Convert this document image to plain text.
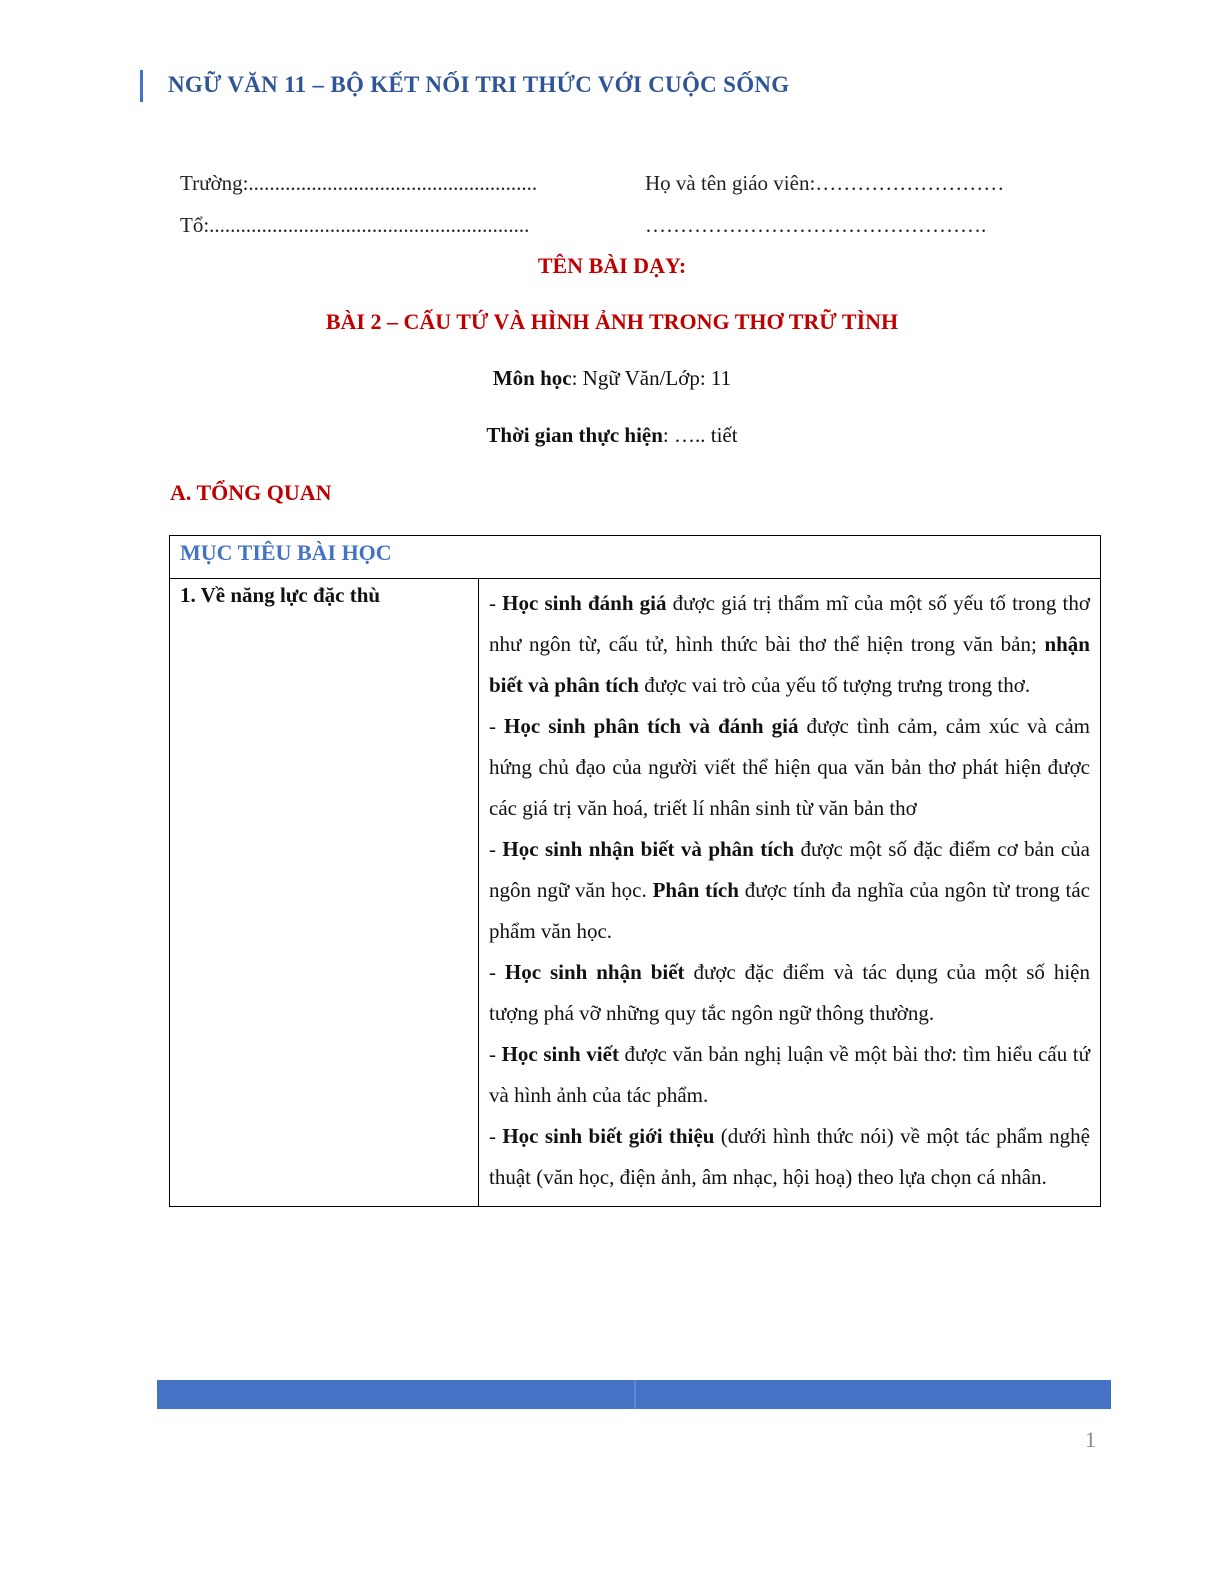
NGỮ VĂN 11 – BỘ KẾT NỐI TRI THỨC VỚI CUỘC SỐNG
Trường:.......................................................	Họ và tên giáo viên:………………………
Tổ:.............................................................	………………………………………….
TÊN BÀI DẠY:
BÀI 2 – CẤU TỨ VÀ HÌNH ẢNH TRONG THƠ TRỮ TÌNH
Môn học: Ngữ Văn/Lớp: 11
Thời gian thực hiện: ….. tiết
A. TỔNG QUAN
MỤC TIÊU BÀI HỌC
1. Về năng lực đặc thù	- Học sinh đánh giá được giá trị thẩm mĩ của một số yếu tố trong thơ như ngôn từ, cấu tử, hình thức bài thơ thể hiện trong văn bản; nhận biết và phân tích được vai trò của yếu tố tượng trưng trong thơ.
- Học sinh phân tích và đánh giá được tình cảm, cảm xúc và cảm hứng chủ đạo của người viết thể hiện qua văn bản thơ phát hiện được các giá trị văn hoá, triết lí nhân sinh từ văn bản thơ
- Học sinh nhận biết và phân tích được một số đặc điểm cơ bản của ngôn ngữ văn học. Phân tích được tính đa nghĩa của ngôn từ trong tác phẩm văn học.
- Học sinh nhận biết được đặc điểm và tác dụng của một số hiện tượng phá vỡ những quy tắc ngôn ngữ thông thường.
- Học sinh viết được văn bản nghị luận về một bài thơ: tìm hiểu cấu tứ và hình ảnh của tác phẩm.
- Học sinh biết giới thiệu (dưới hình thức nói) về một tác phẩm nghệ thuật (văn học, điện ảnh, âm nhạc, hội hoạ) theo lựa chọn cá nhân.
1
